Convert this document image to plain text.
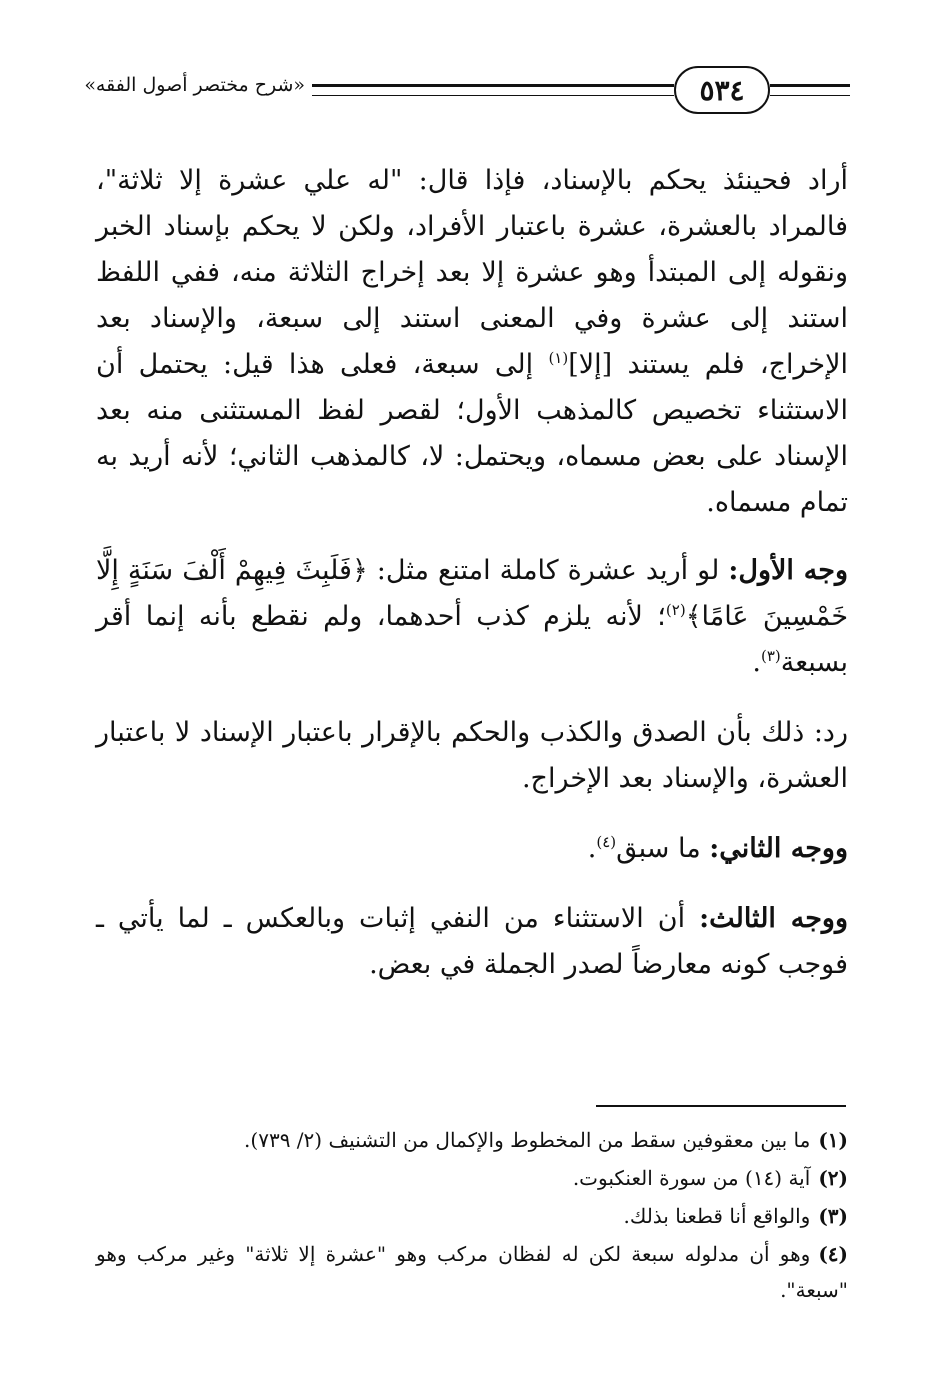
«شرح مختصر أصول الفقه»	٥٣٤

أراد فحينئذ يحكم بالإسناد، فإذا قال: "له علي عشرة إلا ثلاثة"، فالمراد بالعشرة، عشرة باعتبار الأفراد، ولكن لا يحكم بإسناد الخبر ونقوله إلى المبتدأ وهو عشرة إلا بعد إخراج الثلاثة منه، ففي اللفظ استند إلى عشرة وفي المعنى استند إلى سبعة، والإسناد بعد الإخراج، فلم يستند [إلا]$^{(١)}$ إلى سبعة، فعلى هذا قيل: يحتمل أن الاستثناء تخصيص كالمذهب الأول؛ لقصر لفظ المستثنى منه بعد الإسناد على بعض مسماه، ويحتمل: لا، كالمذهب الثاني؛ لأنه أريد به تمام مسماه.

وجه الأول: لو أريد عشرة كاملة امتنع مثل: ﴿فَلَبِثَ فِيهِمْ أَلْفَ سَنَةٍ إِلَّا خَمْسِينَ عَامًا﴾$^{(٢)}$؛ لأنه يلزم كذب أحدهما، ولم نقطع بأنه إنما أقر بسبعة$^{(٣)}$.

رد: ذلك بأن الصدق والكذب والحكم بالإقرار باعتبار الإسناد لا باعتبار العشرة، والإسناد بعد الإخراج.

ووجه الثاني: ما سبق$^{(٤)}$.

ووجه الثالث: أن الاستثناء من النفي إثبات وبالعكس ـ لما يأتي ـ فوجب كونه معارضاً لصدر الجملة في بعض.

(١)ما بين معقوفين سقط من المخطوط والإكمال من التشنيف (٢/ ٧٣٩).
(٢)آية (١٤) من سورة العنكبوت.
(٣)والواقع أنا قطعنا بذلك.
(٤)وهو أن مدلوله سبعة لكن له لفظان مركب وهو "عشرة إلا ثلاثة" وغير مركب وهو "سبعة".
